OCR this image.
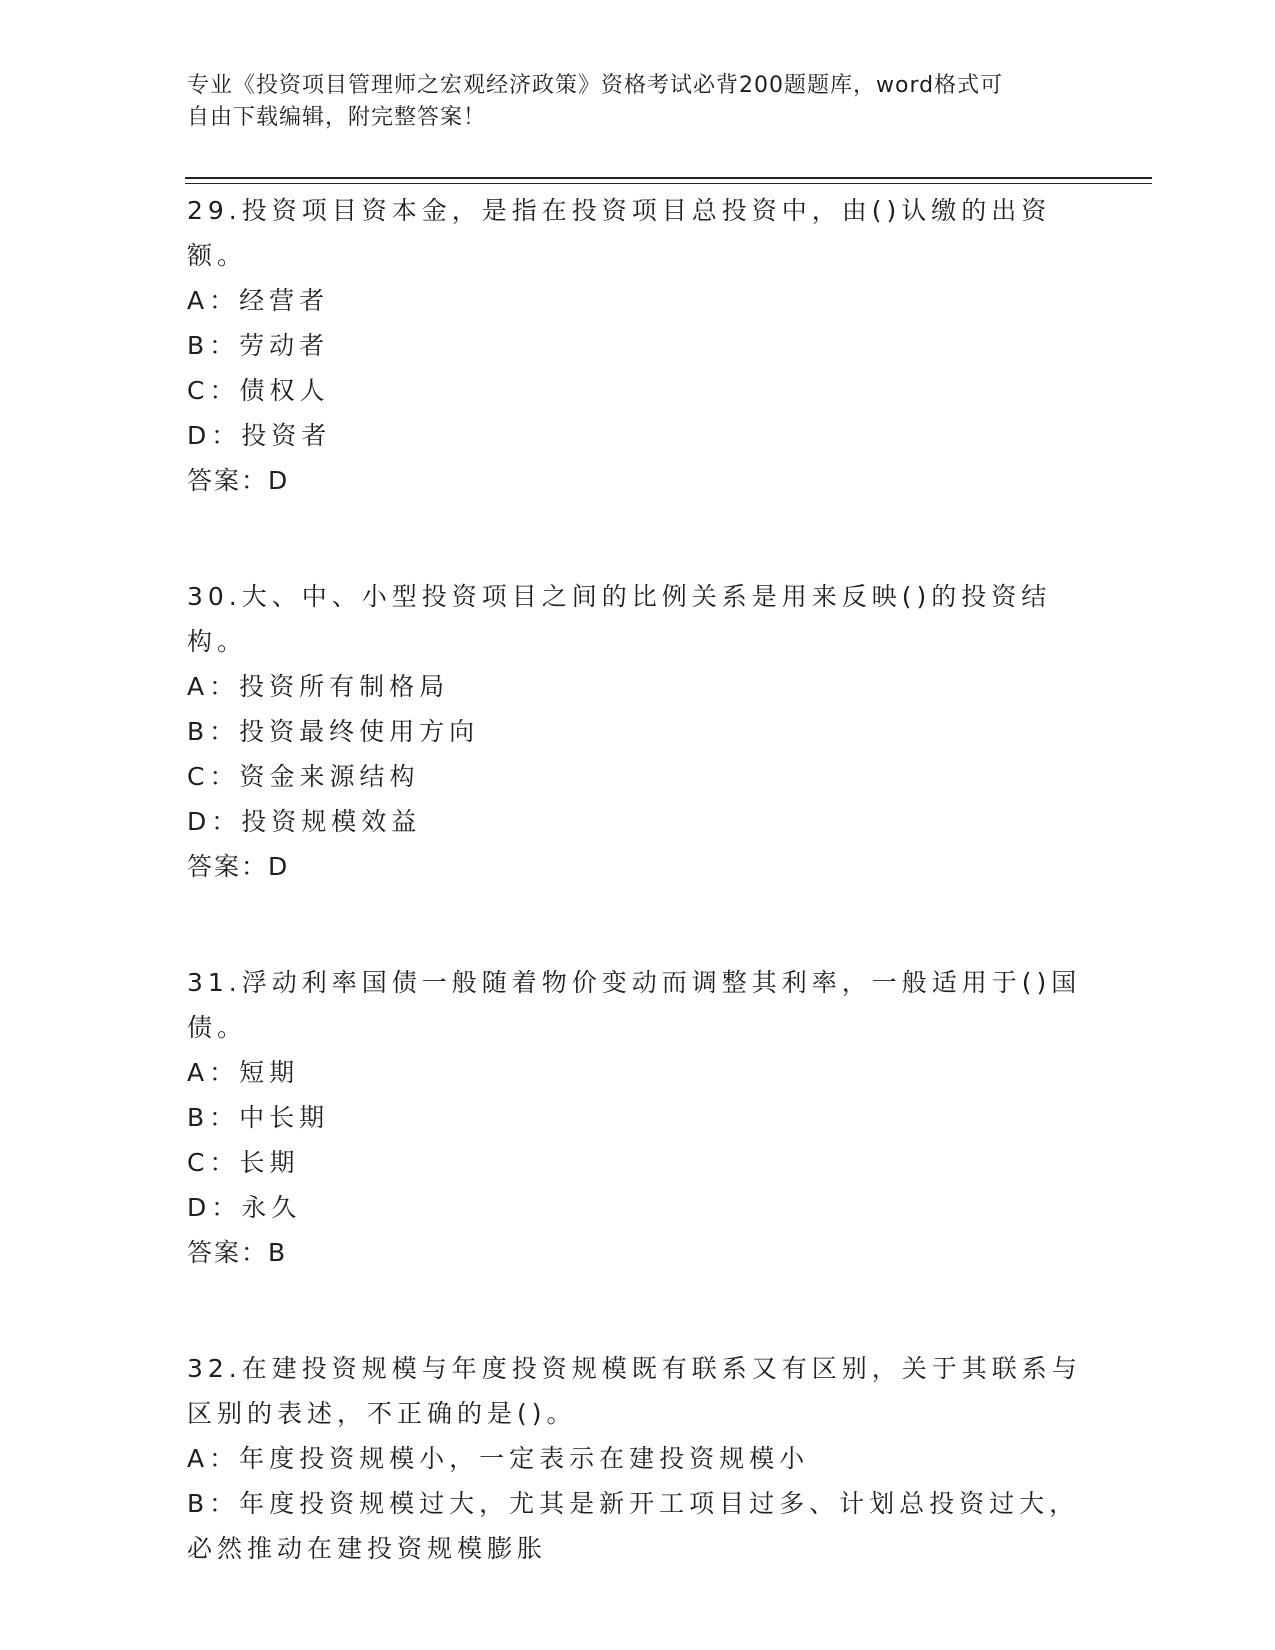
专业《投资项目管理师之宏观经济政策》资格考试必背200题题库，word格式可
自由下载编辑，附完整答案！
29.投资项目资本金，是指在投资项目总投资中，由()认缴的出资额。
A：经营者
B：劳动者
C：债权人
D：投资者
答案：D
30.大、中、小型投资项目之间的比例关系是用来反映()的投资结构。
A：投资所有制格局
B：投资最终使用方向
C：资金来源结构
D：投资规模效益
答案：D
31.浮动利率国债一般随着物价变动而调整其利率，一般适用于()国债。
A：短期
B：中长期
C：长期
D：永久
答案：B
32.在建投资规模与年度投资规模既有联系又有区别，关于其联系与区别的表述，不正确的是()。
A：年度投资规模小，一定表示在建投资规模小
B：年度投资规模过大，尤其是新开工项目过多、计划总投资过大，必然推动在建投资规模膨胀
